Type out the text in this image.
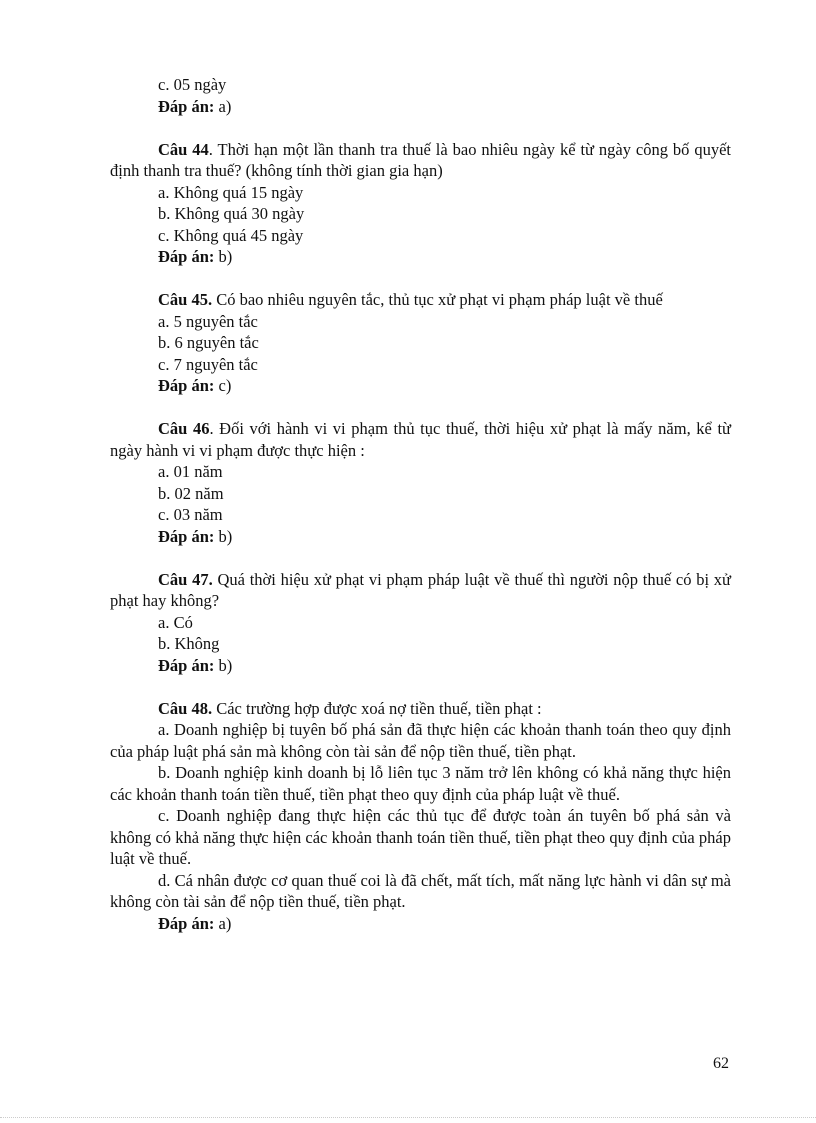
c. 05 ngày

Đáp án: a)

Câu 44. Thời hạn một lần thanh tra thuế là bao nhiêu ngày kể từ ngày công bố quyết định thanh tra thuế? (không tính thời gian gia hạn)

a. Không quá 15 ngày

b. Không quá 30 ngày

c. Không quá 45 ngày

Đáp án: b)

Câu 45. Có bao nhiêu nguyên tắc, thủ tục xử phạt vi phạm pháp luật về thuế

a. 5 nguyên tắc

b. 6 nguyên tắc

c. 7 nguyên tắc

Đáp án: c)

Câu 46. Đối với hành vi vi phạm thủ tục thuế, thời hiệu xử phạt là mấy năm, kể từ ngày hành vi vi phạm được thực hiện :

a. 01 năm

b. 02 năm

c. 03 năm

Đáp án: b)

Câu 47. Quá thời hiệu xử phạt vi phạm pháp luật về thuế thì người nộp thuế có bị xử phạt hay không?

a. Có

b. Không

Đáp án: b)

Câu 48. Các trường hợp được xoá nợ tiền thuế, tiền phạt :

a. Doanh nghiệp bị tuyên bố phá sản đã thực hiện các khoản thanh toán theo quy định của pháp luật phá sản mà không còn tài sản để nộp tiền thuế, tiền phạt.

b. Doanh nghiệp kinh doanh bị lỗ liên tục 3 năm trở lên không có khả năng thực hiện các khoản thanh toán tiền thuế, tiền phạt theo quy định của pháp luật về thuế.

c. Doanh nghiệp đang thực hiện các thủ tục để được toàn án tuyên bố phá sản và không có khả năng thực hiện các khoản thanh toán tiền thuế, tiền phạt theo quy định của pháp luật về thuế.

d. Cá nhân được cơ quan thuế coi là đã chết, mất tích, mất năng lực hành vi dân sự mà không còn tài sản để nộp tiền thuế, tiền phạt.

Đáp án: a)

62
